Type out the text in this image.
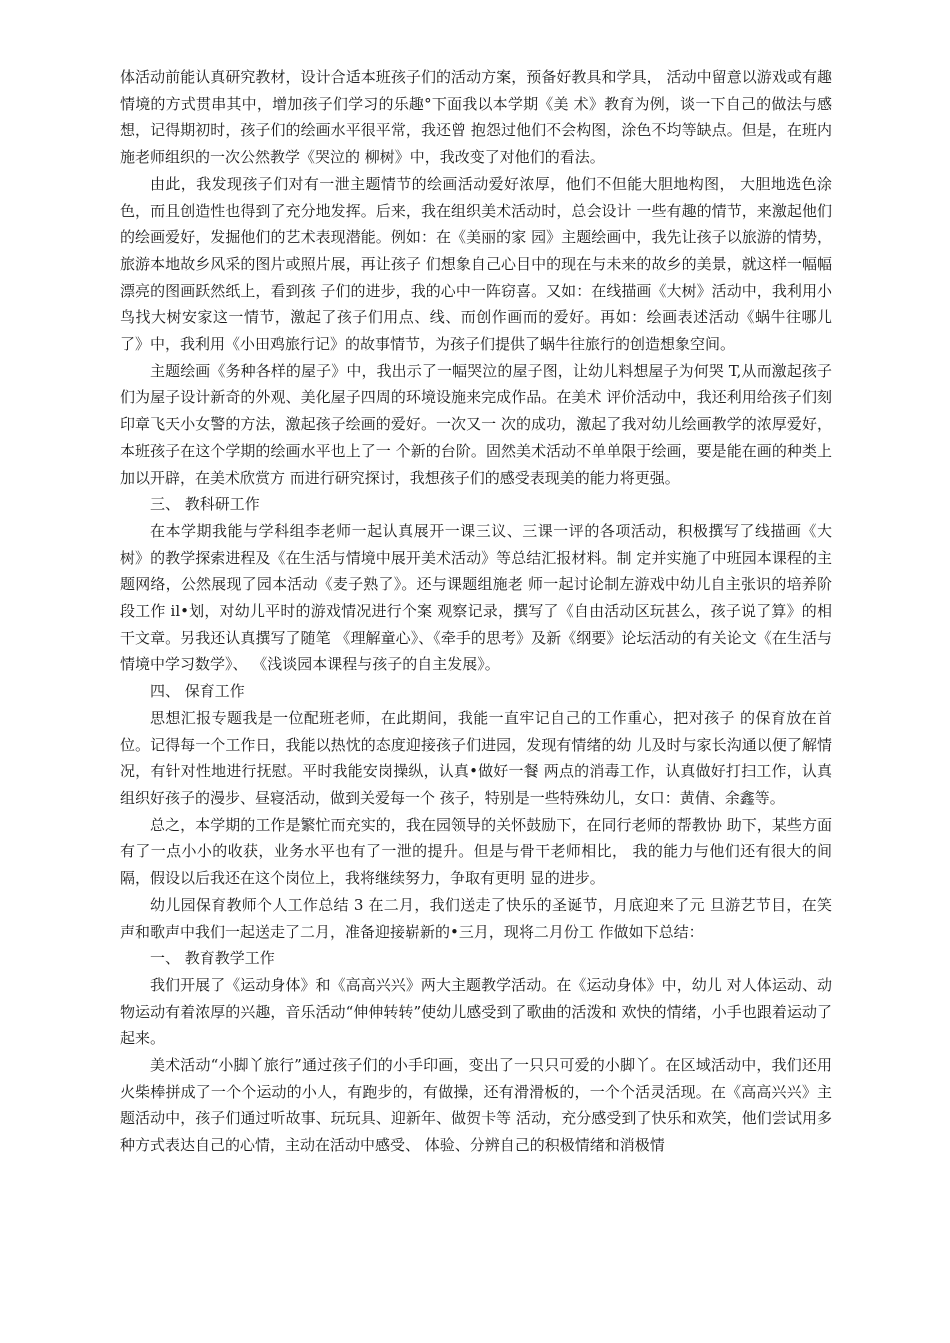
体活动前能认真研究教材，设计合适本班孩子们的活动方案，预备好教具和学具， 活动中留意以游戏或有趣情境的方式贯串其中，增加孩子们学习的乐趣°下面我以本学期《美 术》教育为例，谈一下自己的做法与感想，记得期初时，孩子们的绘画水平很平常，我还曾 抱怨过他们不会构图，涂色不均等缺点。但是，在班内施老师组织的一次公然教学《哭泣的 柳树》中，我改变了对他们的看法。

由此，我发现孩子们对有一泄主题情节的绘画活动爱好浓厚，他们不但能大胆地构图， 大胆地选色涂色，而且创造性也得到了充分地发挥。后来，我在组织美术活动时，总会设计 一些有趣的情节，来激起他们的绘画爱好，发掘他们的艺术表现潜能。例如：在《美丽的家 园》主题绘画中，我先让孩子以旅游的情势，旅游本地故乡风采的图片或照片展，再让孩子 们想象自己心目中的现在与未来的故乡的美景，就这样一幅幅漂亮的图画跃然纸上，看到孩 子们的进步，我的心中一阵窃喜。又如：在线描画《大树》活动中，我利用小鸟找大树安家这一情节，激起了孩子们用点、线、而创作画而的爱好。再如：绘画表述活动《蜗牛往哪儿 了》中，我利用《小田鸡旅行记》的故事情节，为孩子们提供了蜗牛往旅行的创造想象空间。

主题绘画《务种各样的屋子》中，我出示了一幅哭泣的屋子图，让幼儿料想屋子为何哭 T,从而激起孩子们为屋子设计新奇的外观、美化屋子四周的环境设施来完成作品。在美术 评价活动中，我还利用给孩子们刻印章飞天小女警的方法，激起孩子绘画的爱好。一次又一 次的成功，激起了我对幼儿绘画教学的浓厚爱好，本班孩子在这个学期的绘画水平也上了一 个新的台阶。固然美术活动不单单限于绘画，要是能在画的种类上加以开辟，在美术欣赏方 而进行研究探讨，我想孩子们的感受表现美的能力将更强。

三、 教科研工作

在本学期我能与学科组李老师一起认真展开一课三议、三课一评的各项活动，积极撰写了线描画《大树》的教学探索进程及《在生活与情境中展开美术活动》等总结汇报材料。制 定并实施了中班园本课程的主题网络，公然展现了园本活动《麦子熟了》。还与课题组施老 师一起讨论制左游戏中幼儿自主张识的培养阶段工作 il•划，对幼儿平时的游戏情况进行个案 观察记录，撰写了《自由活动区玩甚么，孩子说了算》的相干文章。另我还认真撰写了随笔 《理解童心》、《牵手的思考》及新《纲要》论坛活动的有关论文《在生活与情境中学习数学》、 《浅谈园本课程与孩子的自主发展》。

四、 保育工作

思想汇报专题我是一位配班老师，在此期间，我能一直牢记自己的工作重心，把对孩子 的保育放在首位。记得每一个工作日，我能以热忱的态度迎接孩子们进园，发现有情绪的幼 儿及时与家长沟通以便了解情况，有针对性地进行抚慰。平时我能安岗操纵，认真•做好一餐 两点的消毒工作，认真做好打扫工作，认真组织好孩子的漫步、昼寝活动，做到关爱每一个 孩子，特别是一些特殊幼儿，女口：黄倩、余鑫等。

总之，本学期的工作是繁忙而充实的，我在园领导的关怀鼓励下，在同行老师的帮教协 助下，某些方面有了一点小小的收获，业务水平也有了一泄的提升。但是与骨干老师相比， 我的能力与他们还有很大的间隔，假设以后我还在这个岗位上，我将继续努力，争取有更明 显的进步。

幼儿园保育教师个人工作总结 3 在二月，我们送走了快乐的圣诞节，月底迎来了元 旦游艺节目，在笑声和歌声中我们一起送走了二月，准备迎接崭新的•三月，现将二月份工 作做如下总结：

一、 教育教学工作

我们开展了《运动身体》和《高高兴兴》两大主题教学活动。在《运动身体》中，幼儿 对人体运动、动物运动有着浓厚的兴趣，音乐活动“伸伸转转”使幼儿感受到了歌曲的活泼和 欢快的情绪，小手也跟着运动了起来。

美术活动“小脚丫旅行”通过孩子们的小手印画，变出了一只只可爱的小脚丫。在区域活动中，我们还用火柴棒拼成了一个个运动的小人，有跑步的，有做操，还有滑滑板的，一个个活灵活现。在《高高兴兴》主题活动中，孩子们通过听故事、玩玩具、迎新年、做贺卡等 活动，充分感受到了快乐和欢笑，他们尝试用多种方式表达自己的心情，主动在活动中感受、 体验、分辨自己的积极情绪和消极情
